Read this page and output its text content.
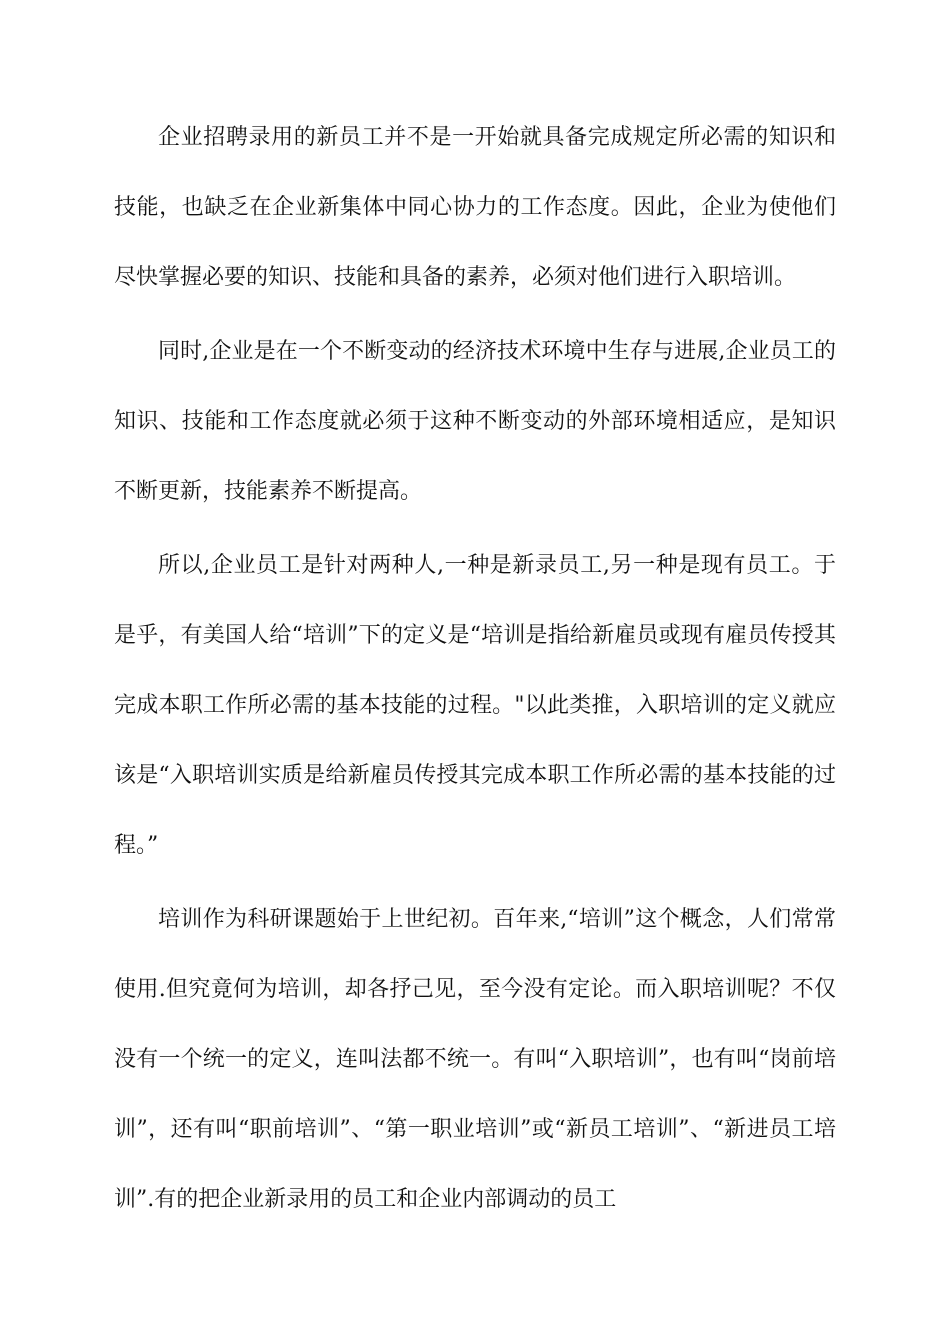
企业招聘录用的新员工并不是一开始就具备完成规定所必需的知识和技能，也缺乏在企业新集体中同心协力的工作态度。因此，企业为使他们尽快掌握必要的知识、技能和具备的素养，必须对他们进行入职培训。

同时,企业是在一个不断变动的经济技术环境中生存与进展,企业员工的知识、技能和工作态度就必须于这种不断变动的外部环境相适应，是知识不断更新，技能素养不断提高。

所以,企业员工是针对两种人,一种是新录员工,另一种是现有员工。于是乎，有美国人给“培训”下的定义是“培训是指给新雇员或现有雇员传授其完成本职工作所必需的基本技能的过程。"以此类推，入职培训的定义就应该是“入职培训实质是给新雇员传授其完成本职工作所必需的基本技能的过程。”

培训作为科研课题始于上世纪初。百年来,“培训”这个概念，人们常常使用.但究竟何为培训，却各抒己见，至今没有定论。而入职培训呢？不仅没有一个统一的定义，连叫法都不统一。有叫“入职培训”，也有叫“岗前培训”，还有叫“职前培训”、“第一职业培训”或“新员工培训”、“新进员工培训”.有的把企业新录用的员工和企业内部调动的员工
